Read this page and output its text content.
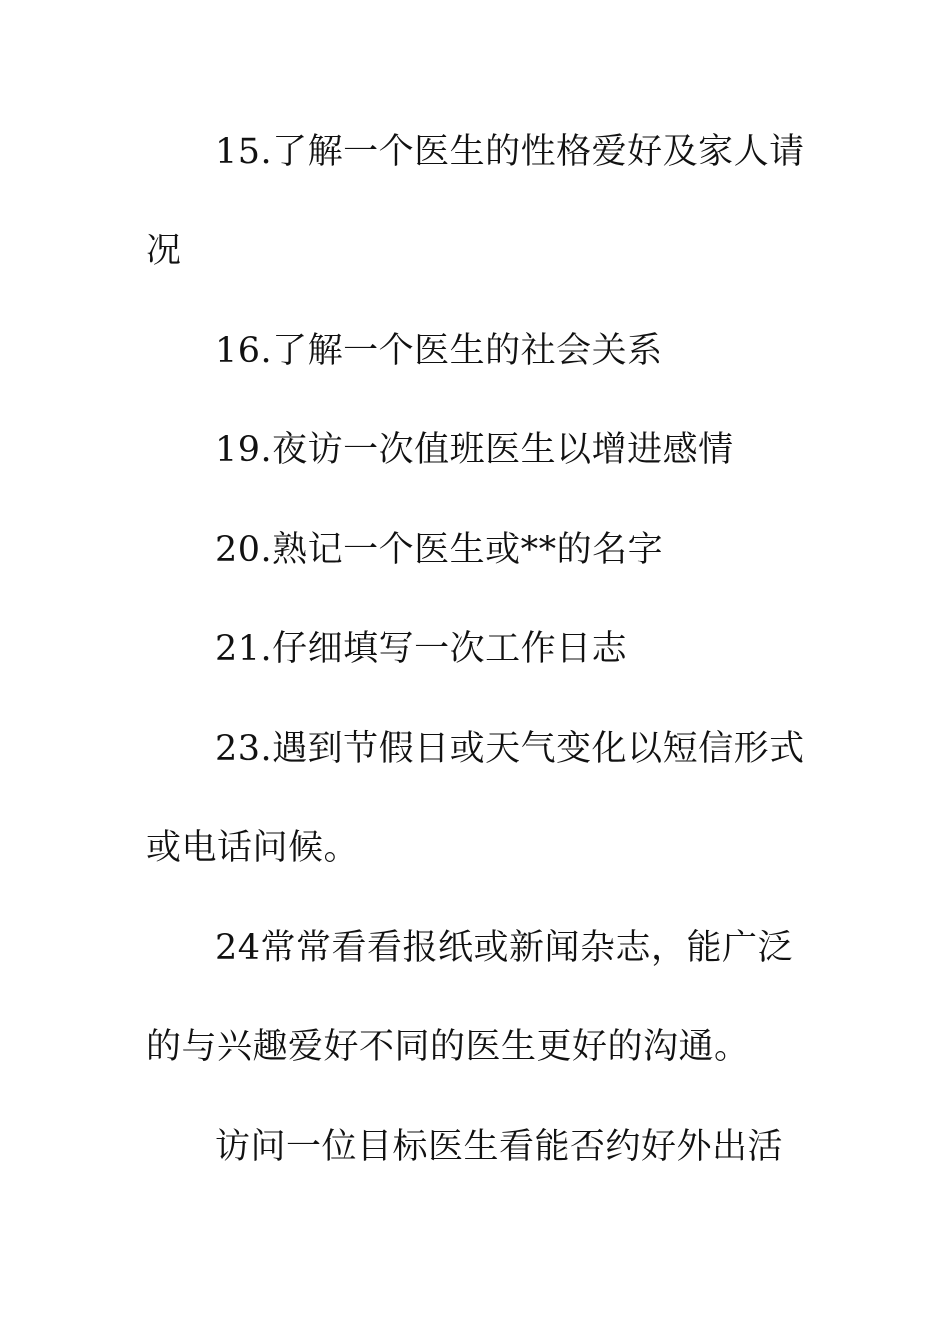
15.了解一个医生的性格爱好及家人请
况
16.了解一个医生的社会关系
19.夜访一次值班医生以增进感情
20.熟记一个医生或**的名字
21.仔细填写一次工作日志
23.遇到节假日或天气变化以短信形式
或电话问候。
24常常看看报纸或新闻杂志，能广泛
的与兴趣爱好不同的医生更好的沟通。
访问一位目标医生看能否约好外出活
